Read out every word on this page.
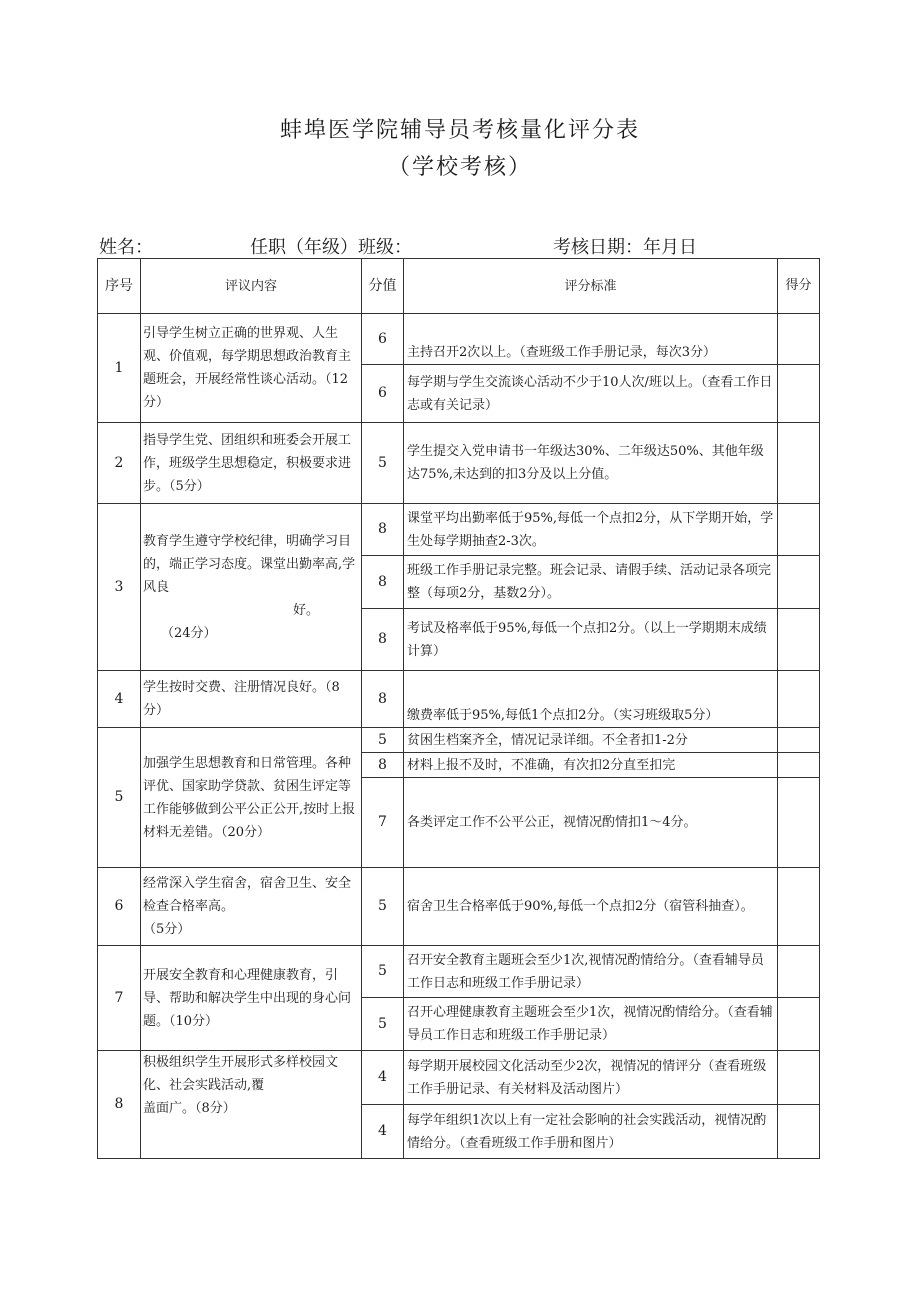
蚌埠医学院辅导员考核量化评分表
（学校考核）
姓名：	任职（年级）班级：	考核日期：年月日
序号	评议内容	分值	评分标准	得分
1	引导学生树立正确的世界观、人生观、价值观，每学期思想政治教育主题班会，开展经常性谈心活动。（12分）	6	主持召开2次以上。（查班级工作手册记录，每次3分）	
		6	每学期与学生交流谈心活动不少于10人次/班以上。（查看工作日志或有关记录）	
2	指导学生党、团组织和班委会开展工作，班级学生思想稳定，积极要求进步。（5分）	5	学生提交入党申请书一年级达30%、二年级达50%、其他年级达75%,未达到的扣3分及以上分值。	
3	教育学生遵守学校纪律，明确学习目的，端正学习态度。课堂出勤率高,学风良
好。
（24分）	8	课堂平均出勤率低于95%,每低一个点扣2分，从下学期开始，学生处每学期抽查2-3次。	
		8	班级工作手册记录完整。班会记录、请假手续、活动记录各项完整（每项2分，基数2分）。	
		8	考试及格率低于95%,每低一个点扣2分。（以上一学期期末成绩计算）	
4	学生按时交费、注册情况良好。（8分）	8	缴费率低于95%,每低1个点扣2分。（实习班级取5分）	
5	加强学生思想教育和日常管理。各种评优、国家助学贷款、贫困生评定等工作能够做到公平公正公开,按时上报材料无差错。（20分）	5	贫困生档案齐全，情况记录详细。不全者扣1-2分	
		8	材料上报不及时，不准确，有次扣2分直至扣完	
		7	各类评定工作不公平公正，视情况酌情扣1～4分。	
6	经常深入学生宿舍，宿舍卫生、安全检查合格率高。
（5分）	5	宿舍卫生合格率低于90%,每低一个点扣2分（宿管科抽查）。	
7	开展安全教育和心理健康教育，引导、帮助和解决学生中出现的身心问题。（10分）	5	召开安全教育主题班会至少1次,视情况酌情给分。（查看辅导员工作日志和班级工作手册记录）	
		5	召开心理健康教育主题班会至少1次，视情况酌情给分。（查看辅导员工作日志和班级工作手册记录）	
8	积极组织学生开展形式多样校园文化、社会实践活动,覆
盖面广。（8分）	4	每学期开展校园文化活动至少2次，视情况的情评分（查看班级工作手册记录、有关材料及活动图片）	
		4	每学年组织1次以上有一定社会影响的社会实践活动，视情况酌情给分。（查看班级工作手册和图片）	
